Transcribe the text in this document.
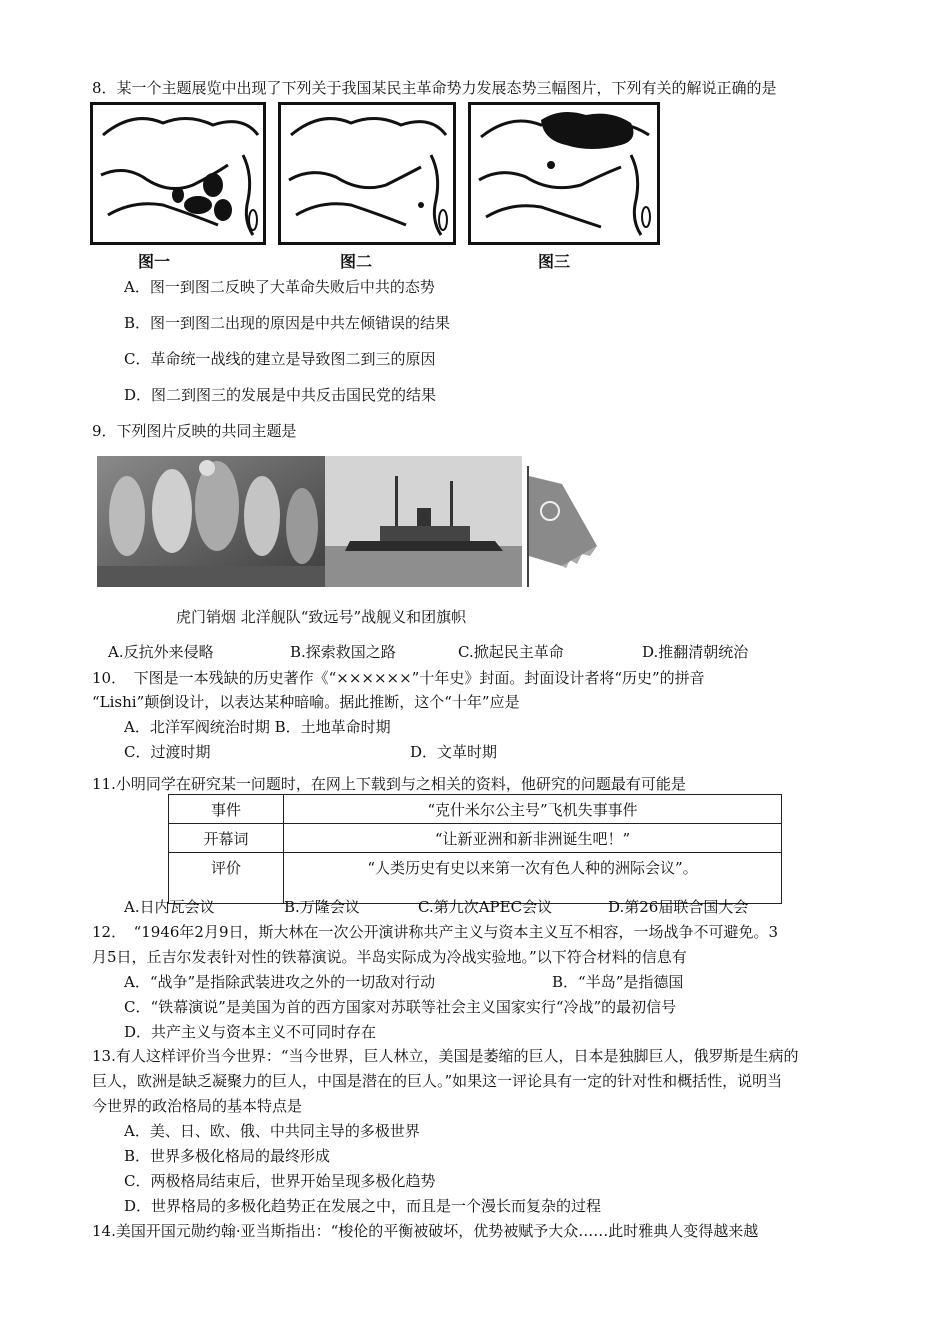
8．某一个主题展览中出现了下列关于我国某民主革命势力发展态势三幅图片，下列有关的解说正确的是
图一	图二	图三
A．图一到图二反映了大革命失败后中共的态势
B．图一到图二出现的原因是中共左倾错误的结果
C．革命统一战线的建立是导致图二到三的原因
D．图二到图三的发展是中共反击国民党的结果
9．下列图片反映的共同主题是
虎门销烟 北洋舰队“致远号”战舰义和团旗帜
A.反抗外来侵略	B.探索救国之路	C.掀起民主革命	D.推翻清朝统治
10．　下图是一本残缺的历史著作《“××××××”十年史》封面。封面设计者将“历史”的拼音
“Lishi”颠倒设计，以表达某种暗喻。据此推断，这个“十年”应是
A．北洋军阀统治时期 B．土地革命时期
C．过渡时期	D．文革时期
11.小明同学在研究某一问题时，在网上下载到与之相关的资料，他研究的问题最有可能是
事件	“克什米尔公主号”飞机失事事件
开幕词	“让新亚洲和新非洲诞生吧！”
评价	“人类历史有史以来第一次有色人种的洲际会议”。
A.日内瓦会议	B.万隆会议	C.第九次APEC会议	D.第26届联合国大会
12．　“1946年2月9日，斯大林在一次公开演讲称共产主义与资本主义互不相容，一场战争不可避免。3
月5日，丘吉尔发表针对性的铁幕演说。半岛实际成为冷战实验地。”以下符合材料的信息有
A．“战争”是指除武装进攻之外的一切敌对行动	B．“半岛”是指德国
C．“铁幕演说”是美国为首的西方国家对苏联等社会主义国家实行“冷战”的最初信号
D．共产主义与资本主义不可同时存在
13.有人这样评价当今世界：“当今世界，巨人林立，美国是萎缩的巨人，日本是独脚巨人，俄罗斯是生病的
巨人，欧洲是缺乏凝聚力的巨人，中国是潜在的巨人。”如果这一评论具有一定的针对性和概括性，说明当
今世界的政治格局的基本特点是
A．美、日、欧、俄、中共同主导的多极世界
B．世界多极化格局的最终形成
C．两极格局结束后，世界开始呈现多极化趋势
D．世界格局的多极化趋势正在发展之中，而且是一个漫长而复杂的过程
14.美国开国元勋约翰·亚当斯指出：“梭伦的平衡被破坏，优势被赋予大众……此时雅典人变得越来越
